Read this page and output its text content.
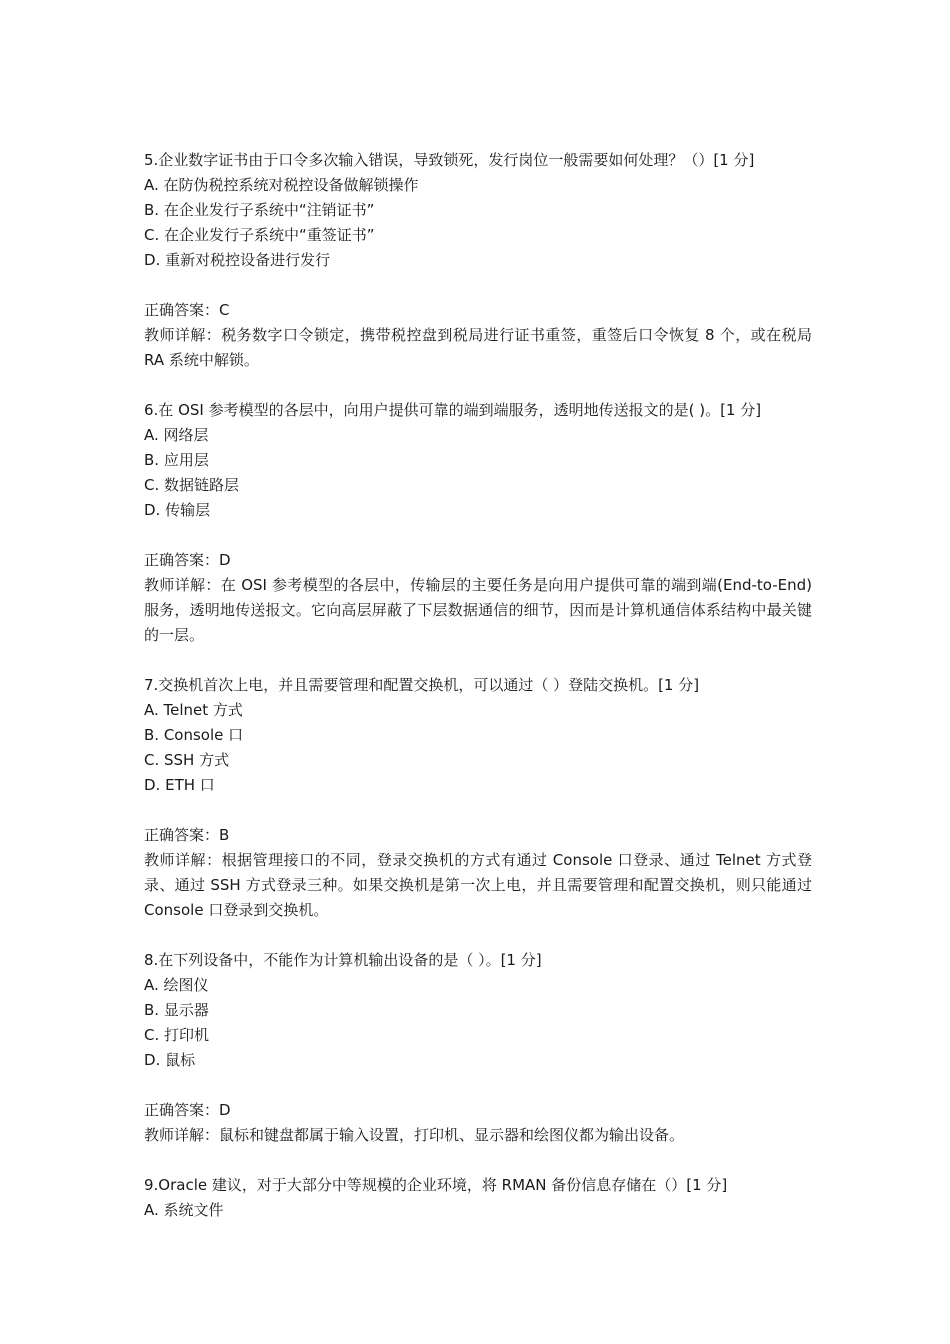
5.企业数字证书由于口令多次输入错误，导致锁死，发行岗位一般需要如何处理？（）[1 分]
A. 在防伪税控系统对税控设备做解锁操作
B. 在企业发行子系统中“注销证书”
C. 在企业发行子系统中“重签证书”
D. 重新对税控设备进行发行
正确答案：C
教师详解：税务数字口令锁定，携带税控盘到税局进行证书重签，重签后口令恢复 8 个，或在税局 RA 系统中解锁。
6.在 OSI 参考模型的各层中，向用户提供可靠的端到端服务，透明地传送报文的是( )。[1 分]
A. 网络层
B. 应用层
C. 数据链路层
D. 传输层
正确答案：D
教师详解：在 OSI 参考模型的各层中，传输层的主要任务是向用户提供可靠的端到端(End-to-End)服务，透明地传送报文。它向高层屏蔽了下层数据通信的细节，因而是计算机通信体系结构中最关键的一层。
7.交换机首次上电，并且需要管理和配置交换机，可以通过（ ）登陆交换机。[1 分]
A. Telnet 方式
B. Console 口
C. SSH 方式
D. ETH 口
正确答案：B
教师详解：根据管理接口的不同，登录交换机的方式有通过 Console 口登录、通过 Telnet 方式登录、通过 SSH 方式登录三种。如果交换机是第一次上电，并且需要管理和配置交换机，则只能通过 Console 口登录到交换机。
8.在下列设备中，不能作为计算机输出设备的是（ ）。[1 分]
A. 绘图仪
B. 显示器
C. 打印机
D. 鼠标
正确答案：D
教师详解：鼠标和键盘都属于输入设置，打印机、显示器和绘图仪都为输出设备。
9.Oracle 建议，对于大部分中等规模的企业环境，将 RMAN 备份信息存储在（）[1 分]
A. 系统文件
